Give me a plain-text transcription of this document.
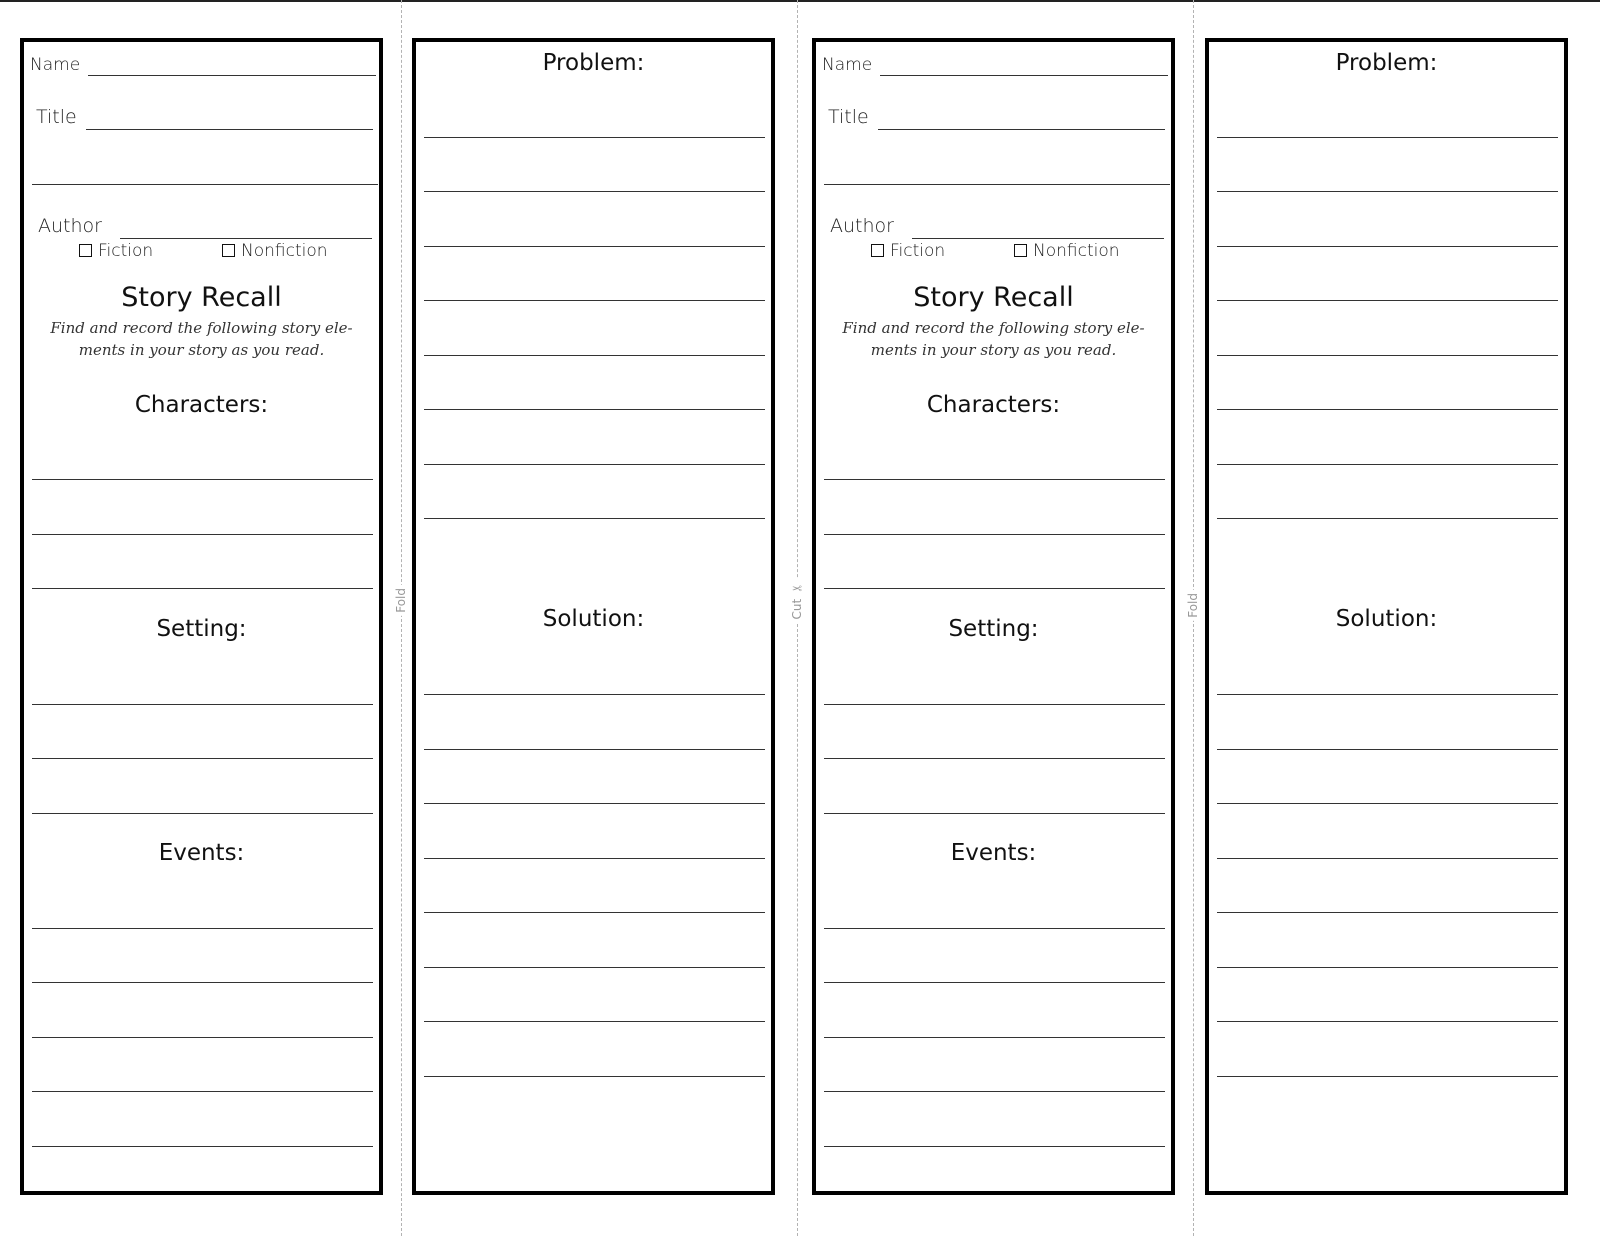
Fold	Cut ✂	Fold
Name
Title
Author
Fiction	Nonfiction
Story Recall
Find and record the following story ele- ments in your story as you read.
Characters:
Setting:
Events:
Problem:
Solution:
Name
Title
Author
Fiction	Nonfiction
Story Recall
Find and record the following story ele- ments in your story as you read.
Characters:
Setting:
Events:
Problem:
Solution:
